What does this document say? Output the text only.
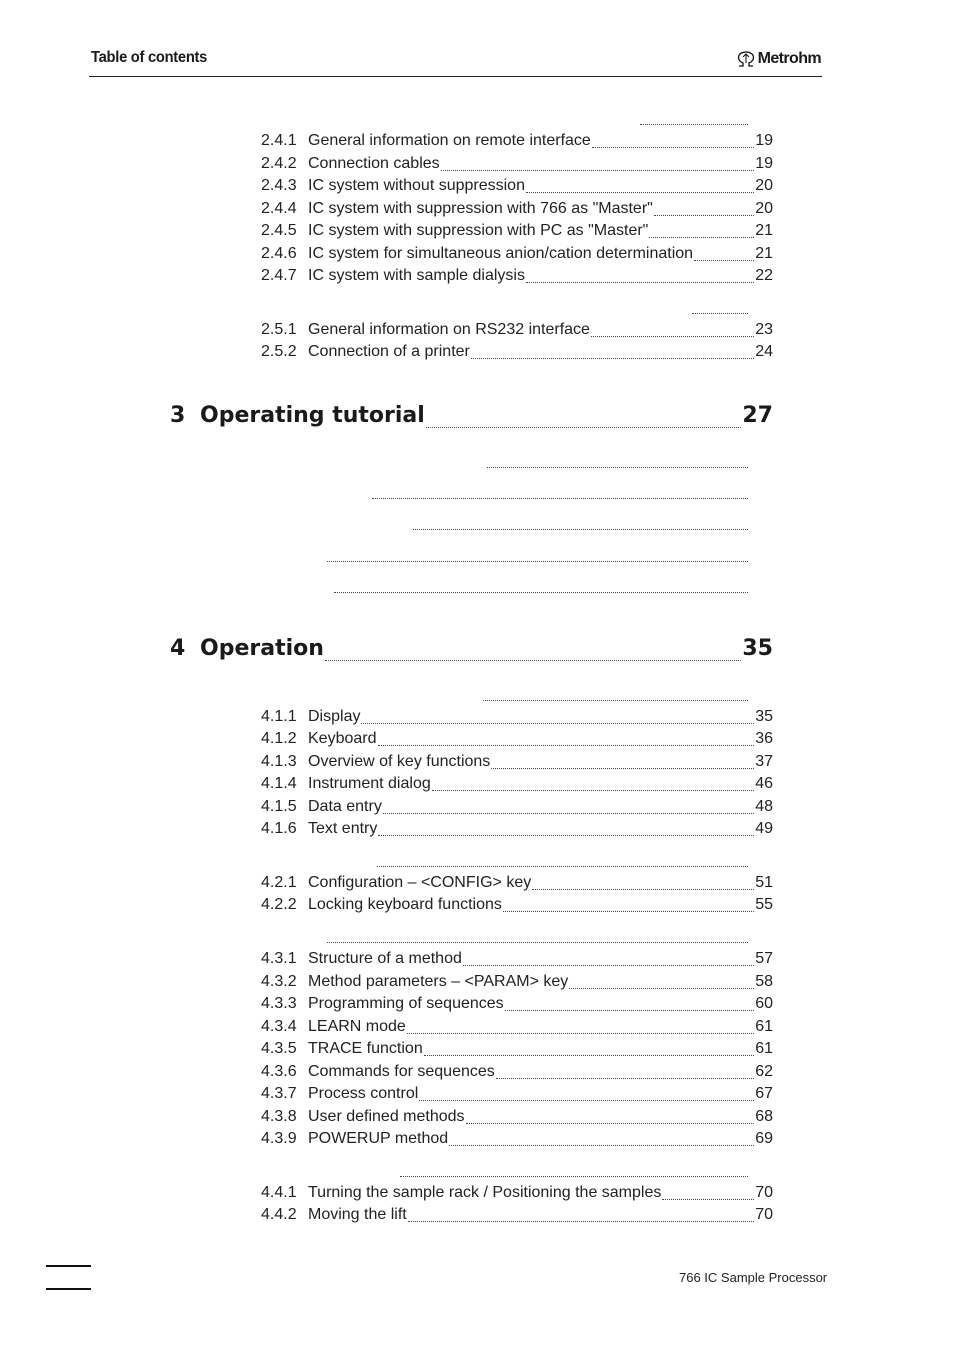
Table of contents	Metrohm
2.4.1 General information on remote interface	19
2.4.2 Connection cables	19
2.4.3 IC system without suppression	20
2.4.4 IC system with suppression with 766 as "Master"	20
2.4.5 IC system with suppression with PC as "Master"	21
2.4.6 IC system for simultaneous anion/cation determination	21
2.4.7 IC system with sample dialysis	22
2.5.1 General information on RS232 interface	23
2.5.2 Connection of a printer	24
3 Operating tutorial	27
4 Operation	35
4.1.1 Display	35
4.1.2 Keyboard	36
4.1.3 Overview of key functions	37
4.1.4 Instrument dialog	46
4.1.5 Data entry	48
4.1.6 Text entry	49
4.2.1 Configuration – <CONFIG> key	51
4.2.2 Locking keyboard functions	55
4.3.1 Structure of a method	57
4.3.2 Method parameters – <PARAM> key	58
4.3.3 Programming of sequences	60
4.3.4 LEARN mode	61
4.3.5 TRACE function	61
4.3.6 Commands for sequences	62
4.3.7 Process control	67
4.3.8 User defined methods	68
4.3.9 POWERUP method	69
4.4.1 Turning the sample rack / Positioning the samples	70
4.4.2 Moving the lift	70
766 IC Sample Processor
